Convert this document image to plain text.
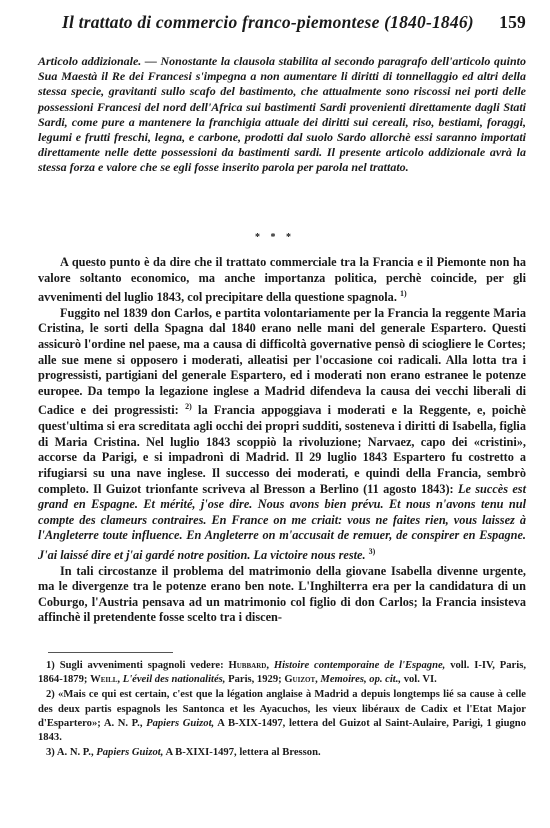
Il trattato di commercio franco-piemontese (1840-1846) 159
Articolo addizionale. — Nonostante la clausola stabilita al secondo paragrafo dell'articolo quinto Sua Maestà il Re dei Francesi s'impegna a non aumentare li diritti di tonnellaggio ed altri della stessa specie, gravitanti sullo scafo del bastimento, che attualmente sono riscossi nei porti delle possessioni Francesi del nord dell'Africa sui bastimenti Sardi provenienti direttamente dagli Stati Sardi, come pure a mantenere la franchigia attuale dei diritti sui cereali, riso, bestiami, foraggi, legumi e frutti freschi, legna, e carbone, prodotti dal suolo Sardo allorchè essi saranno importati direttamente nelle dette possessioni da bastimenti sardi. Il presente articolo addizionale avrà la stessa forza e valore che se egli fosse inserito parola per parola nel trattato.
* * *

A questo punto è da dire che il trattato commerciale tra la Francia e il Piemonte non ha valore soltanto economico, ma anche importanza politica, perchè coincide, per gli avvenimenti del luglio 1843, col precipitare della questione spagnola. $^{1)}$

Fuggito nel 1839 don Carlos, e partita volontariamente per la Francia la reggente Maria Cristina, le sorti della Spagna dal 1840 erano nelle mani del generale Espartero. Questi assicurò l'ordine nel paese, ma a causa di difficoltà governative pensò di sciogliere le Cortes; alle sue mene si opposero i moderati, alleatisi per l'occasione coi radicali. Alla lotta tra i progressisti, partigiani del generale Espartero, ed i moderati non erano estranee le potenze europee. Da tempo la legazione inglese a Madrid difendeva la causa dei vecchi liberali di Cadice e dei progressisti: $^{2)}$ la Francia appoggiava i moderati e la Reggente, e, poichè quest'ultima si era screditata agli occhi dei propri sudditi, sosteneva i diritti di Isabella, figlia di Maria Cristina. Nel luglio 1843 scoppiò la rivoluzione; Narvaez, capo dei «cristini», accorse da Parigi, e si impadronì di Madrid. Il 29 luglio 1843 Espartero fu costretto a rifugiarsi su una nave inglese. Il successo dei moderati, e quindi della Francia, sembrò completo. Il Guizot trionfante scriveva al Bresson a Berlino (11 agosto 1843): Le succès est grand en Espagne. Et mérité, j'ose dire. Nous avons bien prévu. Et nous n'avons tenu nul compte des clameurs contraires. En France on me criait: vous ne faites rien, vous laissez à l'Angleterre toute influence. En Angleterre on m'accusait de remuer, de conspirer en Espagne. J'ai laissé dire et j'ai gardé notre position. La victoire nous reste. $^{3)}$

In tali circostanze il problema del matrimonio della giovane Isabella divenne urgente, ma le divergenze tra le potenze erano ben note. L'Inghilterra era per la candidatura di un Coburgo, l'Austria pensava ad un matrimonio col figlio di don Carlos; la Francia insisteva affinchè il pretendente fosse scelto tra i discen-

1) Sugli avvenimenti spagnoli vedere: Hubbard, Histoire contemporaine de l'Espagne, voll. I-IV, Paris, 1864-1879; Weill, L'éveil des nationalités, Paris, 1929; Guizot, Memoires, op. cit., vol. VI.

2) «Mais ce qui est certain, c'est que la légation anglaise à Madrid a depuis longtemps lié sa cause à celle des deux partis espagnols les Santonca et les Ayacuchos, les vieux libéraux de Cadix et l'Etat Major d'Espartero»; A. N. P., Papiers Guizot, A B-XIX-1497, lettera del Guizot al Saint-Aulaire, Parigi, 1 giugno 1843.

3) A. N. P., Papiers Guizot, A B-XIXI-1497, lettera al Bresson.
